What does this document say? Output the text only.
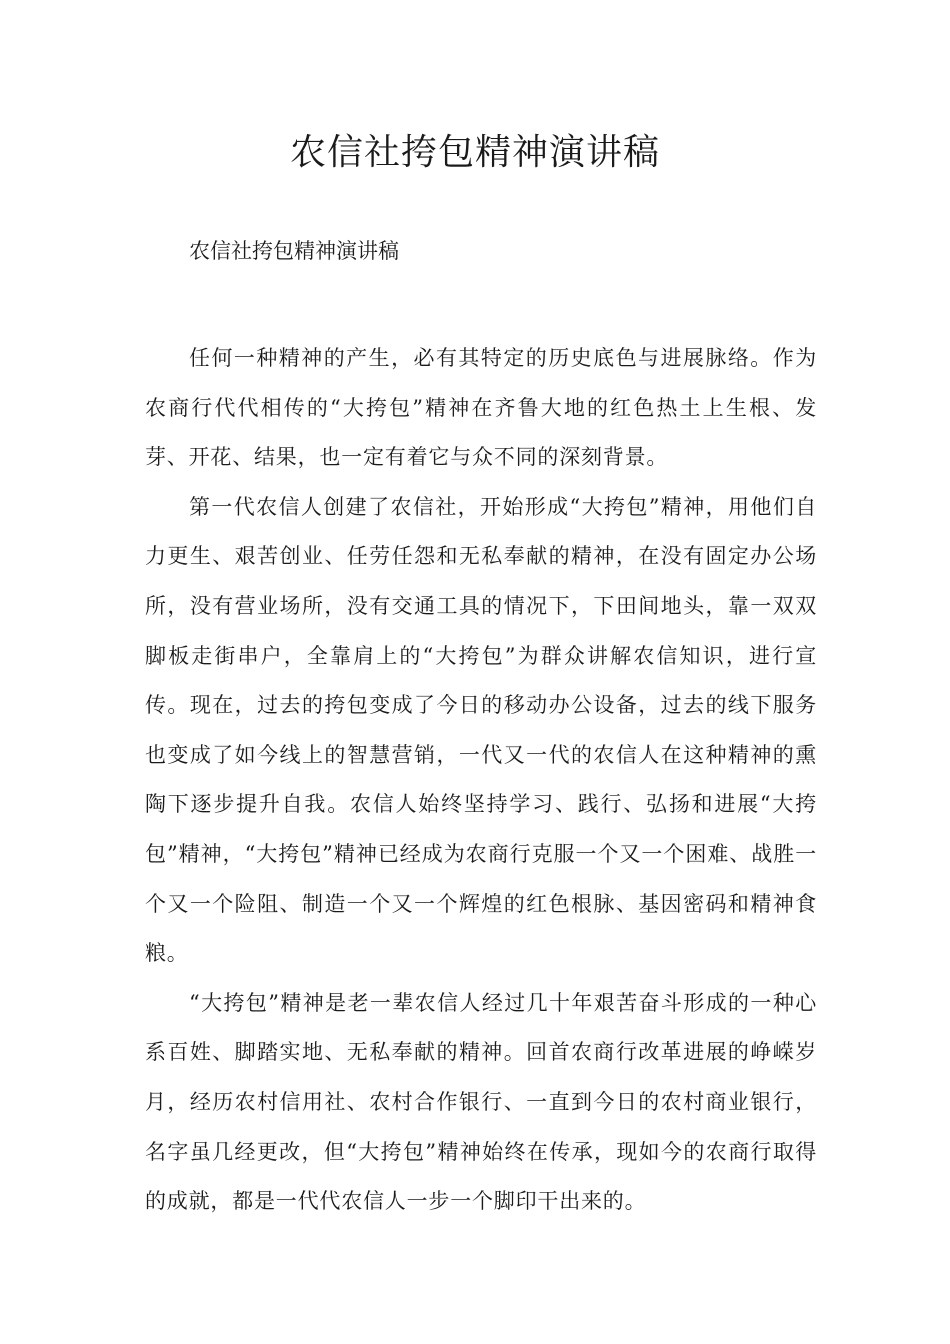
农信社挎包精神演讲稿

农信社挎包精神演讲稿

任何一种精神的产生，必有其特定的历史底色与进展脉络。作为农商行代代相传的“大挎包”精神在齐鲁大地的红色热土上生根、发芽、开花、结果，也一定有着它与众不同的深刻背景。

第一代农信人创建了农信社，开始形成“大挎包”精神，用他们自力更生、艰苦创业、任劳任怨和无私奉献的精神，在没有固定办公场所，没有营业场所，没有交通工具的情况下，下田间地头，靠一双双脚板走街串户，全靠肩上的“大挎包”为群众讲解农信知识，进行宣传。现在，过去的挎包变成了今日的移动办公设备，过去的线下服务也变成了如今线上的智慧营销，一代又一代的农信人在这种精神的熏陶下逐步提升自我。农信人始终坚持学习、践行、弘扬和进展“大挎包”精神，“大挎包”精神已经成为农商行克服一个又一个困难、战胜一个又一个险阻、制造一个又一个辉煌的红色根脉、基因密码和精神食粮。

“大挎包”精神是老一辈农信人经过几十年艰苦奋斗形成的一种心系百姓、脚踏实地、无私奉献的精神。回首农商行改革进展的峥嵘岁月，经历农村信用社、农村合作银行、一直到今日的农村商业银行，名字虽几经更改，但“大挎包”精神始终在传承，现如今的农商行取得的成就，都是一代代农信人一步一个脚印干出来的。
